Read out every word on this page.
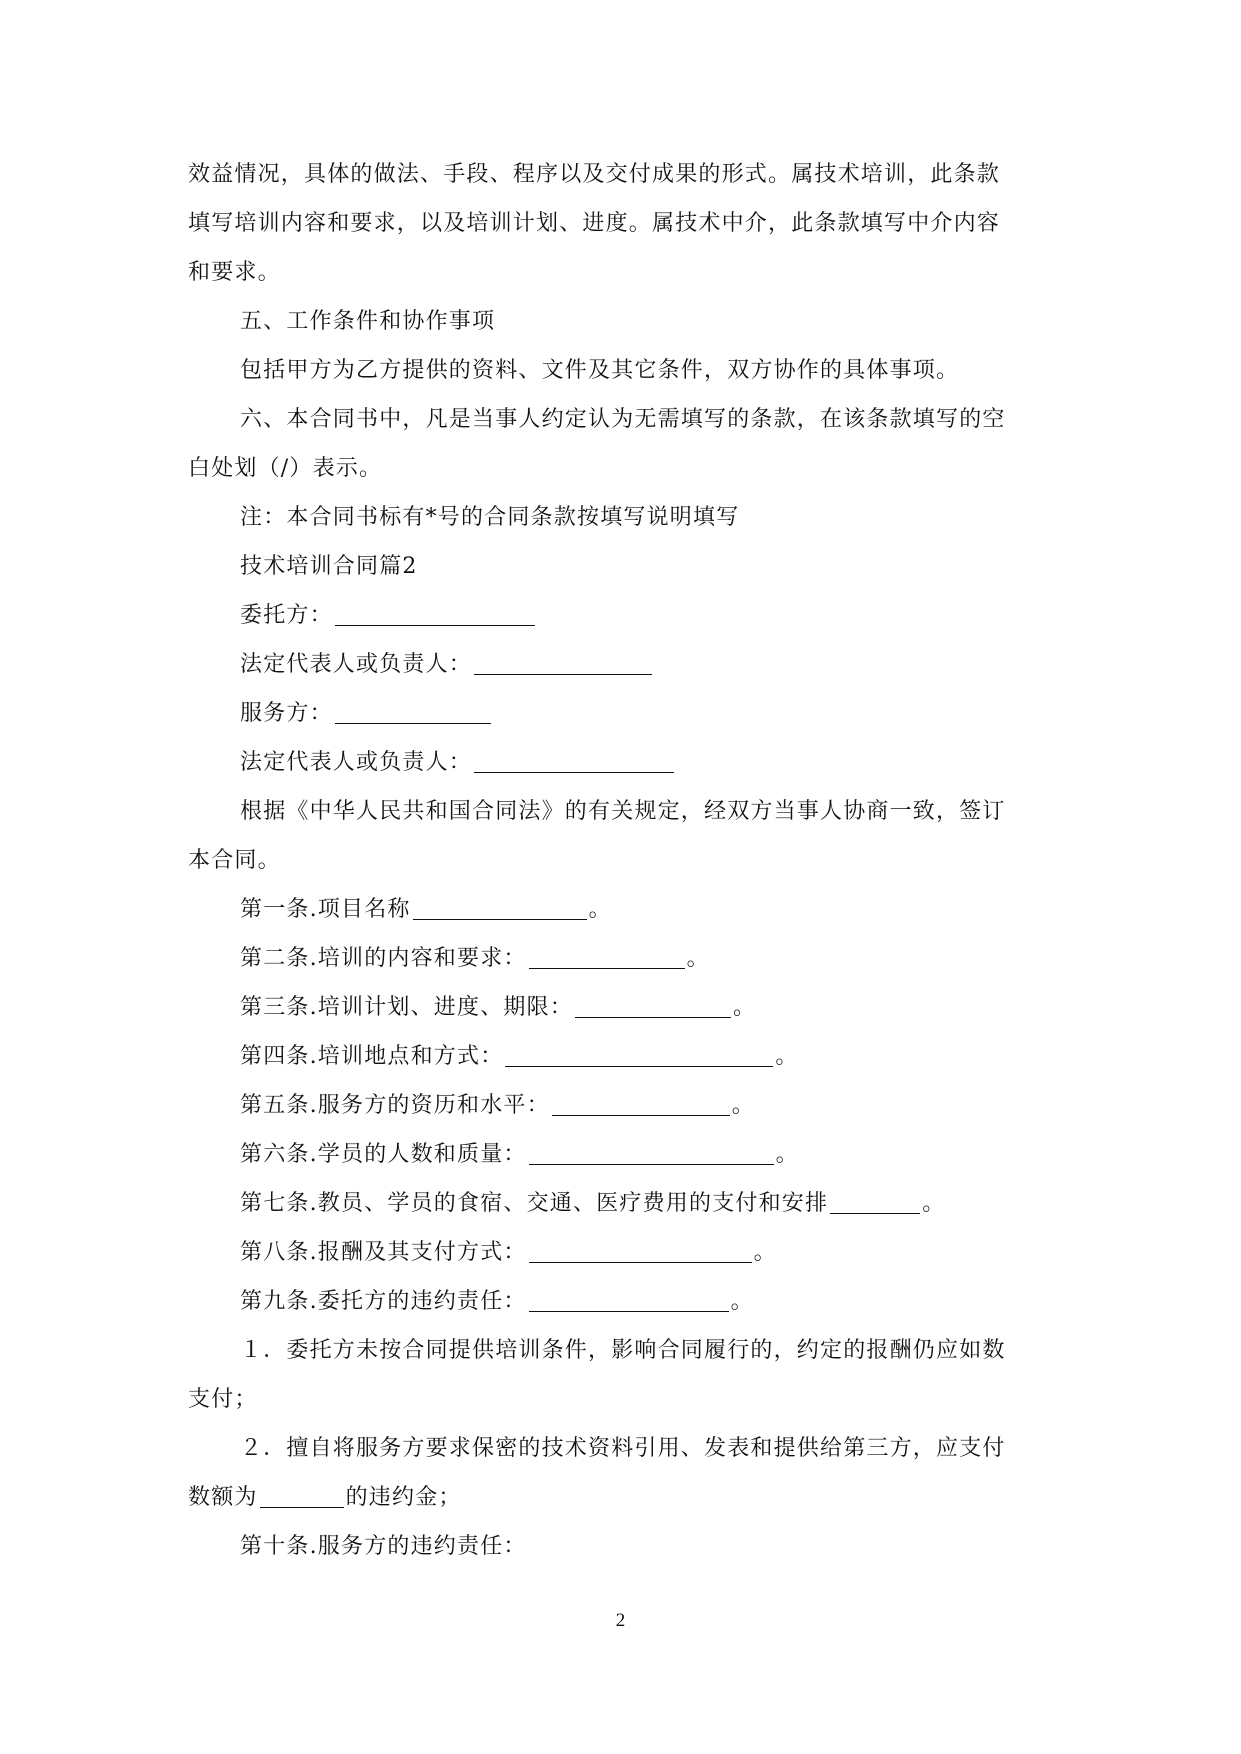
效益情况，具体的做法、手段、程序以及交付成果的形式。属技术培训，此条款
填写培训内容和要求，以及培训计划、进度。属技术中介，此条款填写中介内容
和要求。
五、工作条件和协作事项
包括甲方为乙方提供的资料、文件及其它条件，双方协作的具体事项。
六、本合同书中，凡是当事人约定认为无需填写的条款，在该条款填写的空
白处划（/）表示。
注：本合同书标有*号的合同条款按填写说明填写
技术培训合同篇2
委托方：
法定代表人或负责人：
服务方：
法定代表人或负责人：
根据《中华人民共和国合同法》的有关规定，经双方当事人协商一致，签订
本合同。
第一条.项目名称	。
第二条.培训的内容和要求：	。
第三条.培训计划、进度、期限：	。
第四条.培训地点和方式：	。
第五条.服务方的资历和水平：	。
第六条.学员的人数和质量：	。
第七条.教员、学员的食宿、交通、医疗费用的支付和安排	。
第八条.报酬及其支付方式：	。
第九条.委托方的违约责任：	。
１．委托方未按合同提供培训条件，影响合同履行的，约定的报酬仍应如数
支付；
２．擅自将服务方要求保密的技术资料引用、发表和提供给第三方，应支付
数额为	的违约金；
第十条.服务方的违约责任：
2
